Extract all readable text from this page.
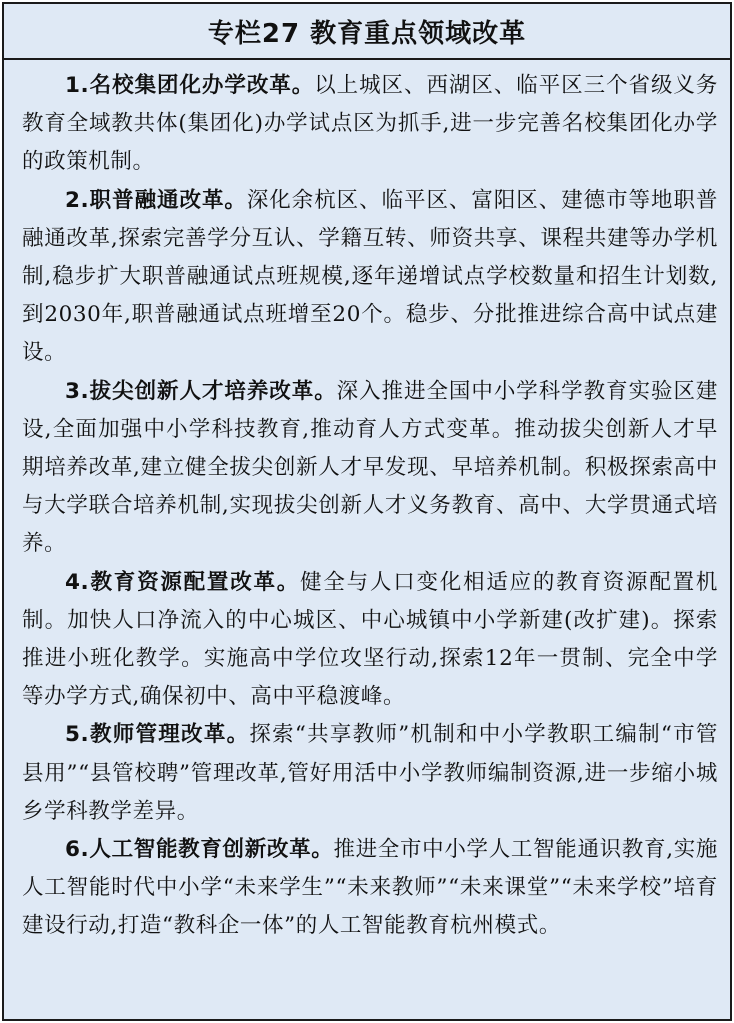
专栏27 教育重点领域改革

1.名校集团化办学改革。以上城区、西湖区、临平区三个省级义务教育全域教共体(集团化)办学试点区为抓手,进一步完善名校集团化办学的政策机制。

2.职普融通改革。深化余杭区、临平区、富阳区、建德市等地职普融通改革,探索完善学分互认、学籍互转、师资共享、课程共建等办学机制,稳步扩大职普融通试点班规模,逐年递增试点学校数量和招生计划数,到2030年,职普融通试点班增至20个。稳步、分批推进综合高中试点建设。

3.拔尖创新人才培养改革。深入推进全国中小学科学教育实验区建设,全面加强中小学科技教育,推动育人方式变革。推动拔尖创新人才早期培养改革,建立健全拔尖创新人才早发现、早培养机制。积极探索高中与大学联合培养机制,实现拔尖创新人才义务教育、高中、大学贯通式培养。

4.教育资源配置改革。健全与人口变化相适应的教育资源配置机制。加快人口净流入的中心城区、中心城镇中小学新建(改扩建)。探索推进小班化教学。实施高中学位攻坚行动,探索12年一贯制、完全中学等办学方式,确保初中、高中平稳渡峰。

5.教师管理改革。探索“共享教师”机制和中小学教职工编制“市管县用”“县管校聘”管理改革,管好用活中小学教师编制资源,进一步缩小城乡学科教学差异。

6.人工智能教育创新改革。推进全市中小学人工智能通识教育,实施人工智能时代中小学“未来学生”“未来教师”“未来课堂”“未来学校”培育建设行动,打造“教科企一体”的人工智能教育杭州模式。
